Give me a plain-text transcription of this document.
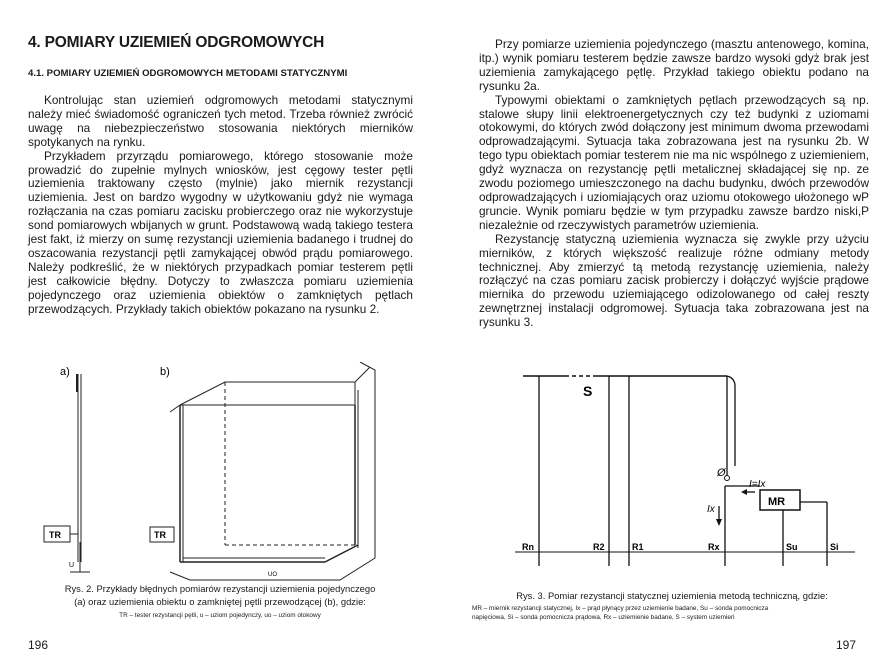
4. POMIARY UZIEMIEŃ ODGROMOWYCH
4.1. POMIARY UZIEMIEŃ ODGROMOWYCH METODAMI STATYCZNYMI

Kontrolując stan uziemień odgromowych metodami statycznymi należy mieć świadomość ograniczeń tych metod. Trzeba również zwrócić uwagę na niebezpieczeństwo stosowania niektórych mierników spotykanych na rynku.

Przykładem przyrządu pomiarowego, którego stosowanie może prowadzić do zupełnie mylnych wniosków, jest cęgowy tester pętli uziemienia traktowany często (mylnie) jako miernik rezystancji uziemienia. Jest on bardzo wygodny w użytkowaniu gdyż nie wymaga rozłączania na czas pomiaru zacisku probierczego oraz nie wykorzystuje sond pomiarowych wbijanych w grunt. Podstawową wadą takiego testera jest fakt, iż mierzy on sumę rezystancji uziemienia badanego i trudnej do oszacowania rezystancji pętli zamykającej obwód prądu pomiarowego. Należy podkreślić, że w niektórych przypadkach pomiar testerem pętli jest całkowicie błędny. Dotyczy to zwłaszcza pomiaru uziemienia pojedynczego oraz uziemienia obiektów o zamkniętych pętlach przewodzących. Przykłady takich obiektów pokazano na rysunku 2.

a)
TR
U
b)
TR
UO

Rys. 2. Przykłady błędnych pomiarów rezystancji uziemienia pojedynczego

(a) oraz uziemienia obiektu o zamkniętej pętli przewodzącej (b), gdzie:

TR – tester rezystancji pętli, u – uziom pojedynczy, uo – uziom otokowy

196

Przy pomiarze uziemienia pojedynczego (masztu antenowego, komina, itp.) wynik pomiaru testerem będzie zawsze bardzo wysoki gdyż brak jest uziemienia zamykającego pętlę. Przykład takiego obiektu podano na rysunku 2a.

Typowymi obiektami o zamkniętych pętlach przewodzących są np. stalowe słupy linii elektroenergetycznych czy też budynki z uziomami otokowymi, do których zwód dołączony jest minimum dwoma przewodami odprowadzającymi. Sytuacja taka zobrazowana jest na rysunku 2b. W tego typu obiektach pomiar testerem nie ma nic wspólnego z uziemieniem, gdyż wyznacza on rezystancję pętli metalicznej składającej się np. ze zwodu poziomego umieszczonego na dachu budynku, dwóch przewodów odprowadzających i uziomiających oraz uziomu otokowego ułożonego wP gruncie. Wynik pomiaru będzie w tym przypadku zawsze bardzo niski,P niezależnie od rzeczywistych parametrów uziemienia.

Rezystancję statyczną uziemienia wyznacza się zwykle przy użyciu mierników, z których większość realizuje różne odmiany metody technicznej. Aby zmierzyć tą metodą rezystancję uziemienia, należy rozłączyć na czas pomiaru zacisk probierczy i dołączyć wyjście prądowe miernika do przewodu uziemiającego odizolowanego od całej reszty zewnętrznej instalacji odgromowej. Sytuacja taka zobrazowana jest na rysunku 3.

S
Ø
I=Ix
Ix
MR
Rn	R2	R1	Rx	Su	Si

Rys. 3. Pomiar rezystancji statycznej uziemienia metodą techniczną, gdzie:

MR – miernik rezystancji statycznej, Ix – prąd płynący przez uziemienie badane, Su – sonda pomocnicza

napięciowa, Si – sonda pomocnicza prądowa, Rx – uziemienie badane, S – system uziemień

197
